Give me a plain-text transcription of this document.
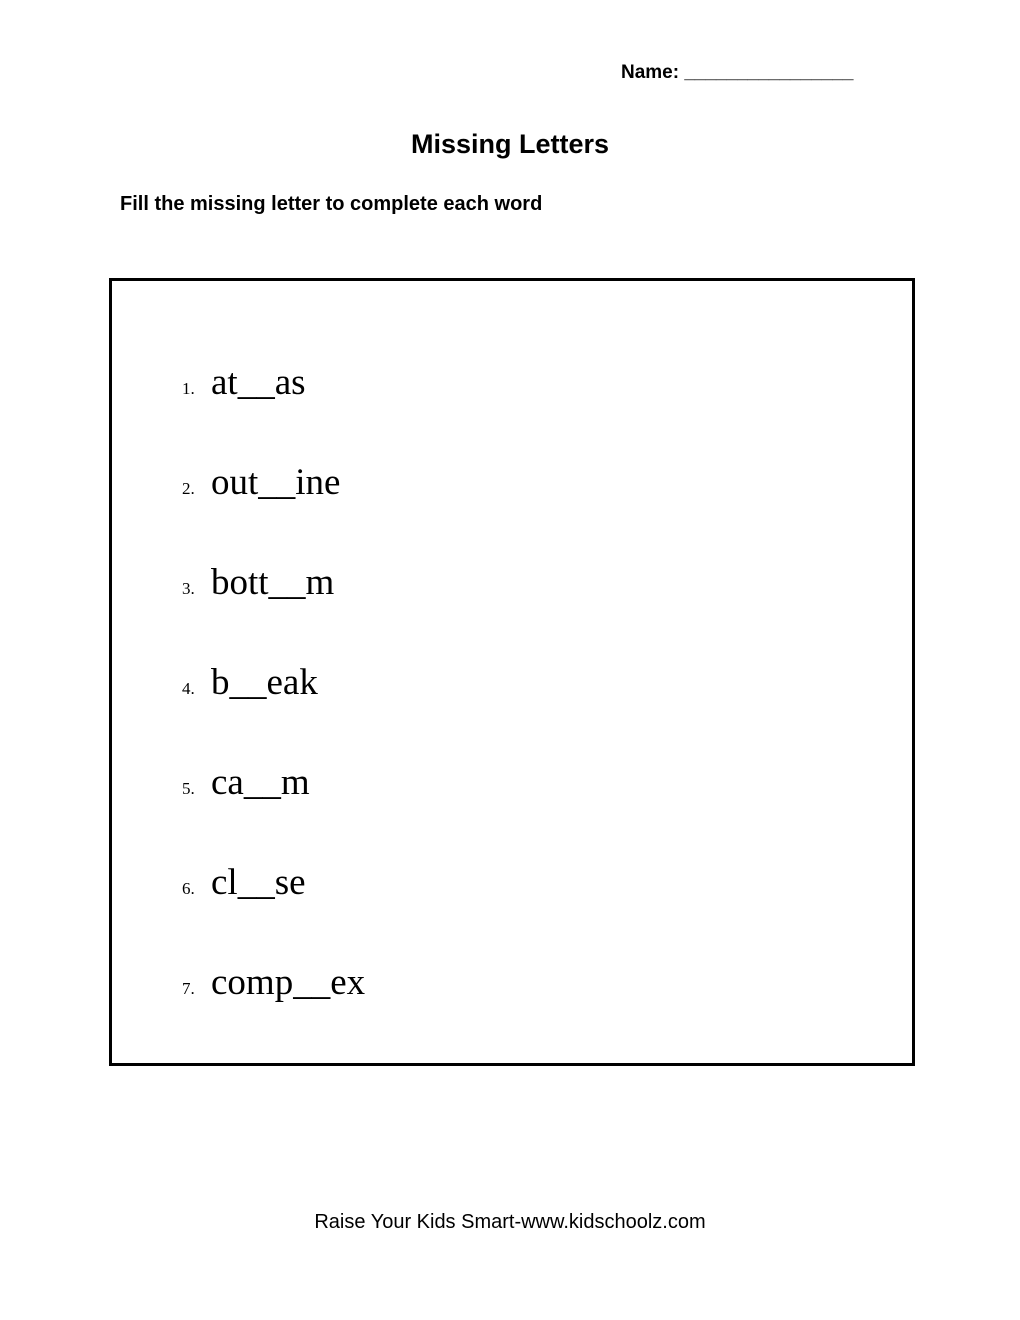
Name: ________________
Missing Letters
Fill the missing letter to complete each word
1. at__as
2. out__ine
3. bott__m
4. b__eak
5. ca__m
6. cl__se
7. comp__ex
Raise Your Kids Smart-www.kidschoolz.com
